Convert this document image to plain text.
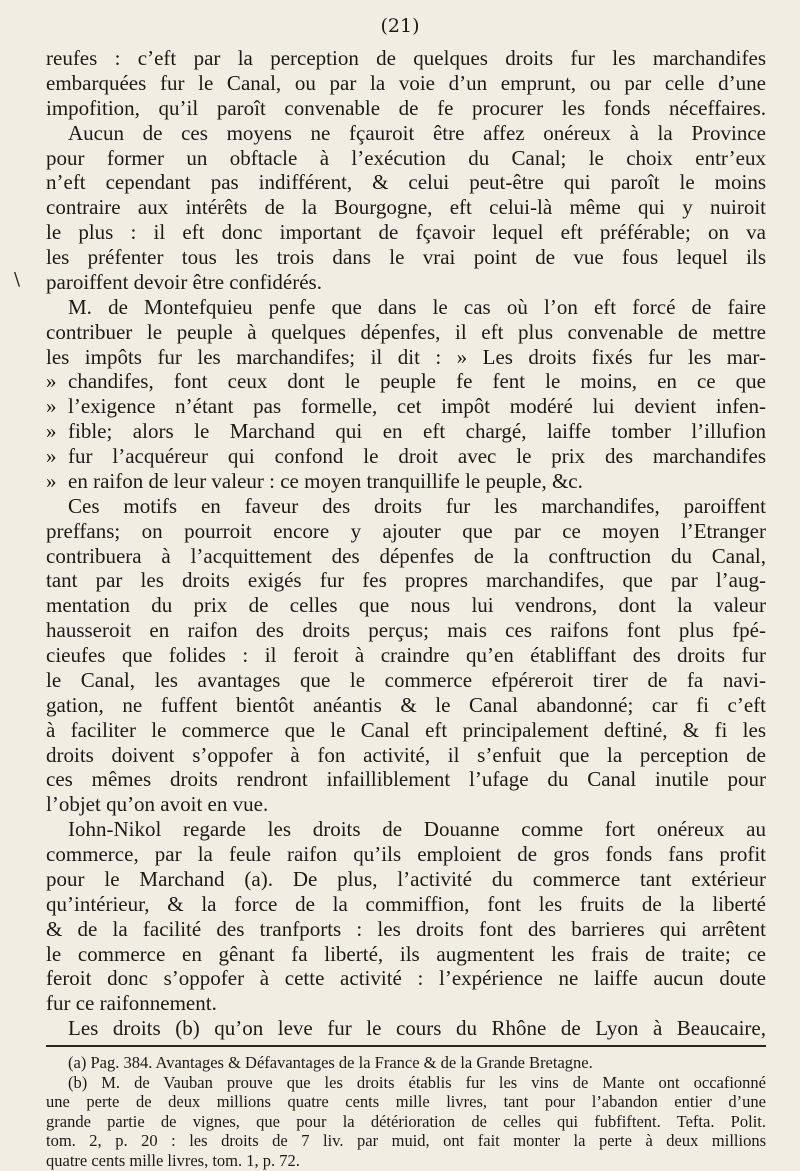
(21)
\
reufes : c’eft par la perception de quelques droits fur les marchandifes
embarquées fur le Canal, ou par la voie d’un emprunt, ou par celle d’une
impofition, qu’il paroît convenable de fe procurer les fonds néceffaires.
Aucun de ces moyens ne fçauroit être affez onéreux à la Province
pour former un obftacle à l’exécution du Canal; le choix entr’eux
n’eft cependant pas indifférent, & celui peut-être qui paroît le moins
contraire aux intérêts de la Bourgogne, eft celui-là même qui y nuiroit
le plus : il eft donc important de fçavoir lequel eft préférable; on va
les préfenter tous les trois dans le vrai point de vue fous lequel ils
paroiffent devoir être confidérés.
M. de Montefquieu penfe que dans le cas où l’on eft forcé de faire
contribuer le peuple à quelques dépenfes, il eft plus convenable de mettre
les impôts fur les marchandifes; il dit : » Les droits fixés fur les mar-
» chandifes, font ceux dont le peuple fe fent le moins, en ce que
» l’exigence n’étant pas formelle, cet impôt modéré lui devient infen-
» fible; alors le Marchand qui en eft chargé, laiffe tomber l’illufion
» fur l’acquéreur qui confond le droit avec le prix des marchandifes
» en raifon de leur valeur : ce moyen tranquillife le peuple, &c.
Ces motifs en faveur des droits fur les marchandifes, paroiffent
preffans; on pourroit encore y ajouter que par ce moyen l’Etranger
contribuera à l’acquittement des dépenfes de la conftruction du Canal,
tant par les droits exigés fur fes propres marchandifes, que par l’aug-
mentation du prix de celles que nous lui vendrons, dont la valeur
hausseroit en raifon des droits perçus; mais ces raifons font plus fpé-
cieufes que folides : il feroit à craindre qu’en établiffant des droits fur
le Canal, les avantages que le commerce efpéreroit tirer de fa navi-
gation, ne fuffent bientôt anéantis & le Canal abandonné; car fi c’eft
à faciliter le commerce que le Canal eft principalement deftiné, & fi les
droits doivent s’oppofer à fon activité, il s’enfuit que la perception de
ces mêmes droits rendront infailliblement l’ufage du Canal inutile pour
l’objet qu’on avoit en vue.
Iohn-Nikol regarde les droits de Douanne comme fort onéreux au
commerce, par la feule raifon qu’ils emploient de gros fonds fans profit
pour le Marchand (a). De plus, l’activité du commerce tant extérieur
qu’intérieur, & la force de la commiffion, font les fruits de la liberté
& de la facilité des tranfports : les droits font des barrieres qui arrêtent
le commerce en gênant fa liberté, ils augmentent les frais de traite; ce
feroit donc s’oppofer à cette activité : l’expérience ne laiffe aucun doute
fur ce raifonnement.
Les droits (b) qu’on leve fur le cours du Rhône de Lyon à Beaucaire,
(a) Pag. 384. Avantages & Défavantages de la France & de la Grande Bretagne.
(b) M. de Vauban prouve que les droits établis fur les vins de Mante ont occafionné
une perte de deux millions quatre cents mille livres, tant pour l’abandon entier d’une
grande partie de vignes, que pour la détérioration de celles qui fubfiftent. Tefta. Polit.
tom. 2, p. 20 : les droits de 7 liv. par muid, ont fait monter la perte à deux millions
quatre cents mille livres, tom. 1, p. 72.
